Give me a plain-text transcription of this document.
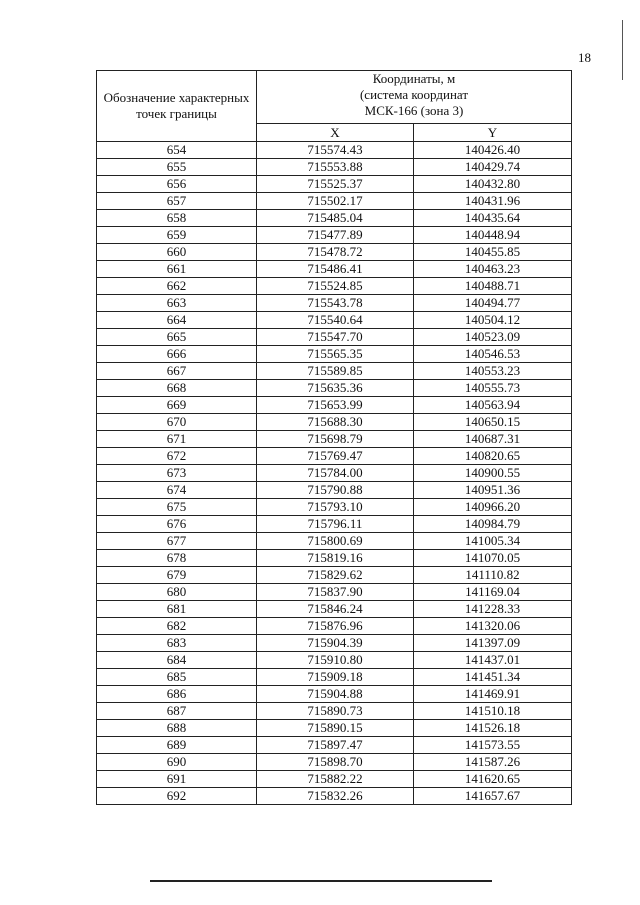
18
Обозначение характерных точек границы	Координаты, м
(система координат
МСК-166 (зона 3)	

	X	Y
654	715574.43	140426.40
655	715553.88	140429.74
656	715525.37	140432.80
657	715502.17	140431.96
658	715485.04	140435.64
659	715477.89	140448.94
660	715478.72	140455.85
661	715486.41	140463.23
662	715524.85	140488.71
663	715543.78	140494.77
664	715540.64	140504.12
665	715547.70	140523.09
666	715565.35	140546.53
667	715589.85	140553.23
668	715635.36	140555.73
669	715653.99	140563.94
670	715688.30	140650.15
671	715698.79	140687.31
672	715769.47	140820.65
673	715784.00	140900.55
674	715790.88	140951.36
675	715793.10	140966.20
676	715796.11	140984.79
677	715800.69	141005.34
678	715819.16	141070.05
679	715829.62	141110.82
680	715837.90	141169.04
681	715846.24	141228.33
682	715876.96	141320.06
683	715904.39	141397.09
684	715910.80	141437.01
685	715909.18	141451.34
686	715904.88	141469.91
687	715890.73	141510.18
688	715890.15	141526.18
689	715897.47	141573.55
690	715898.70	141587.26
691	715882.22	141620.65
692	715832.26	141657.67
